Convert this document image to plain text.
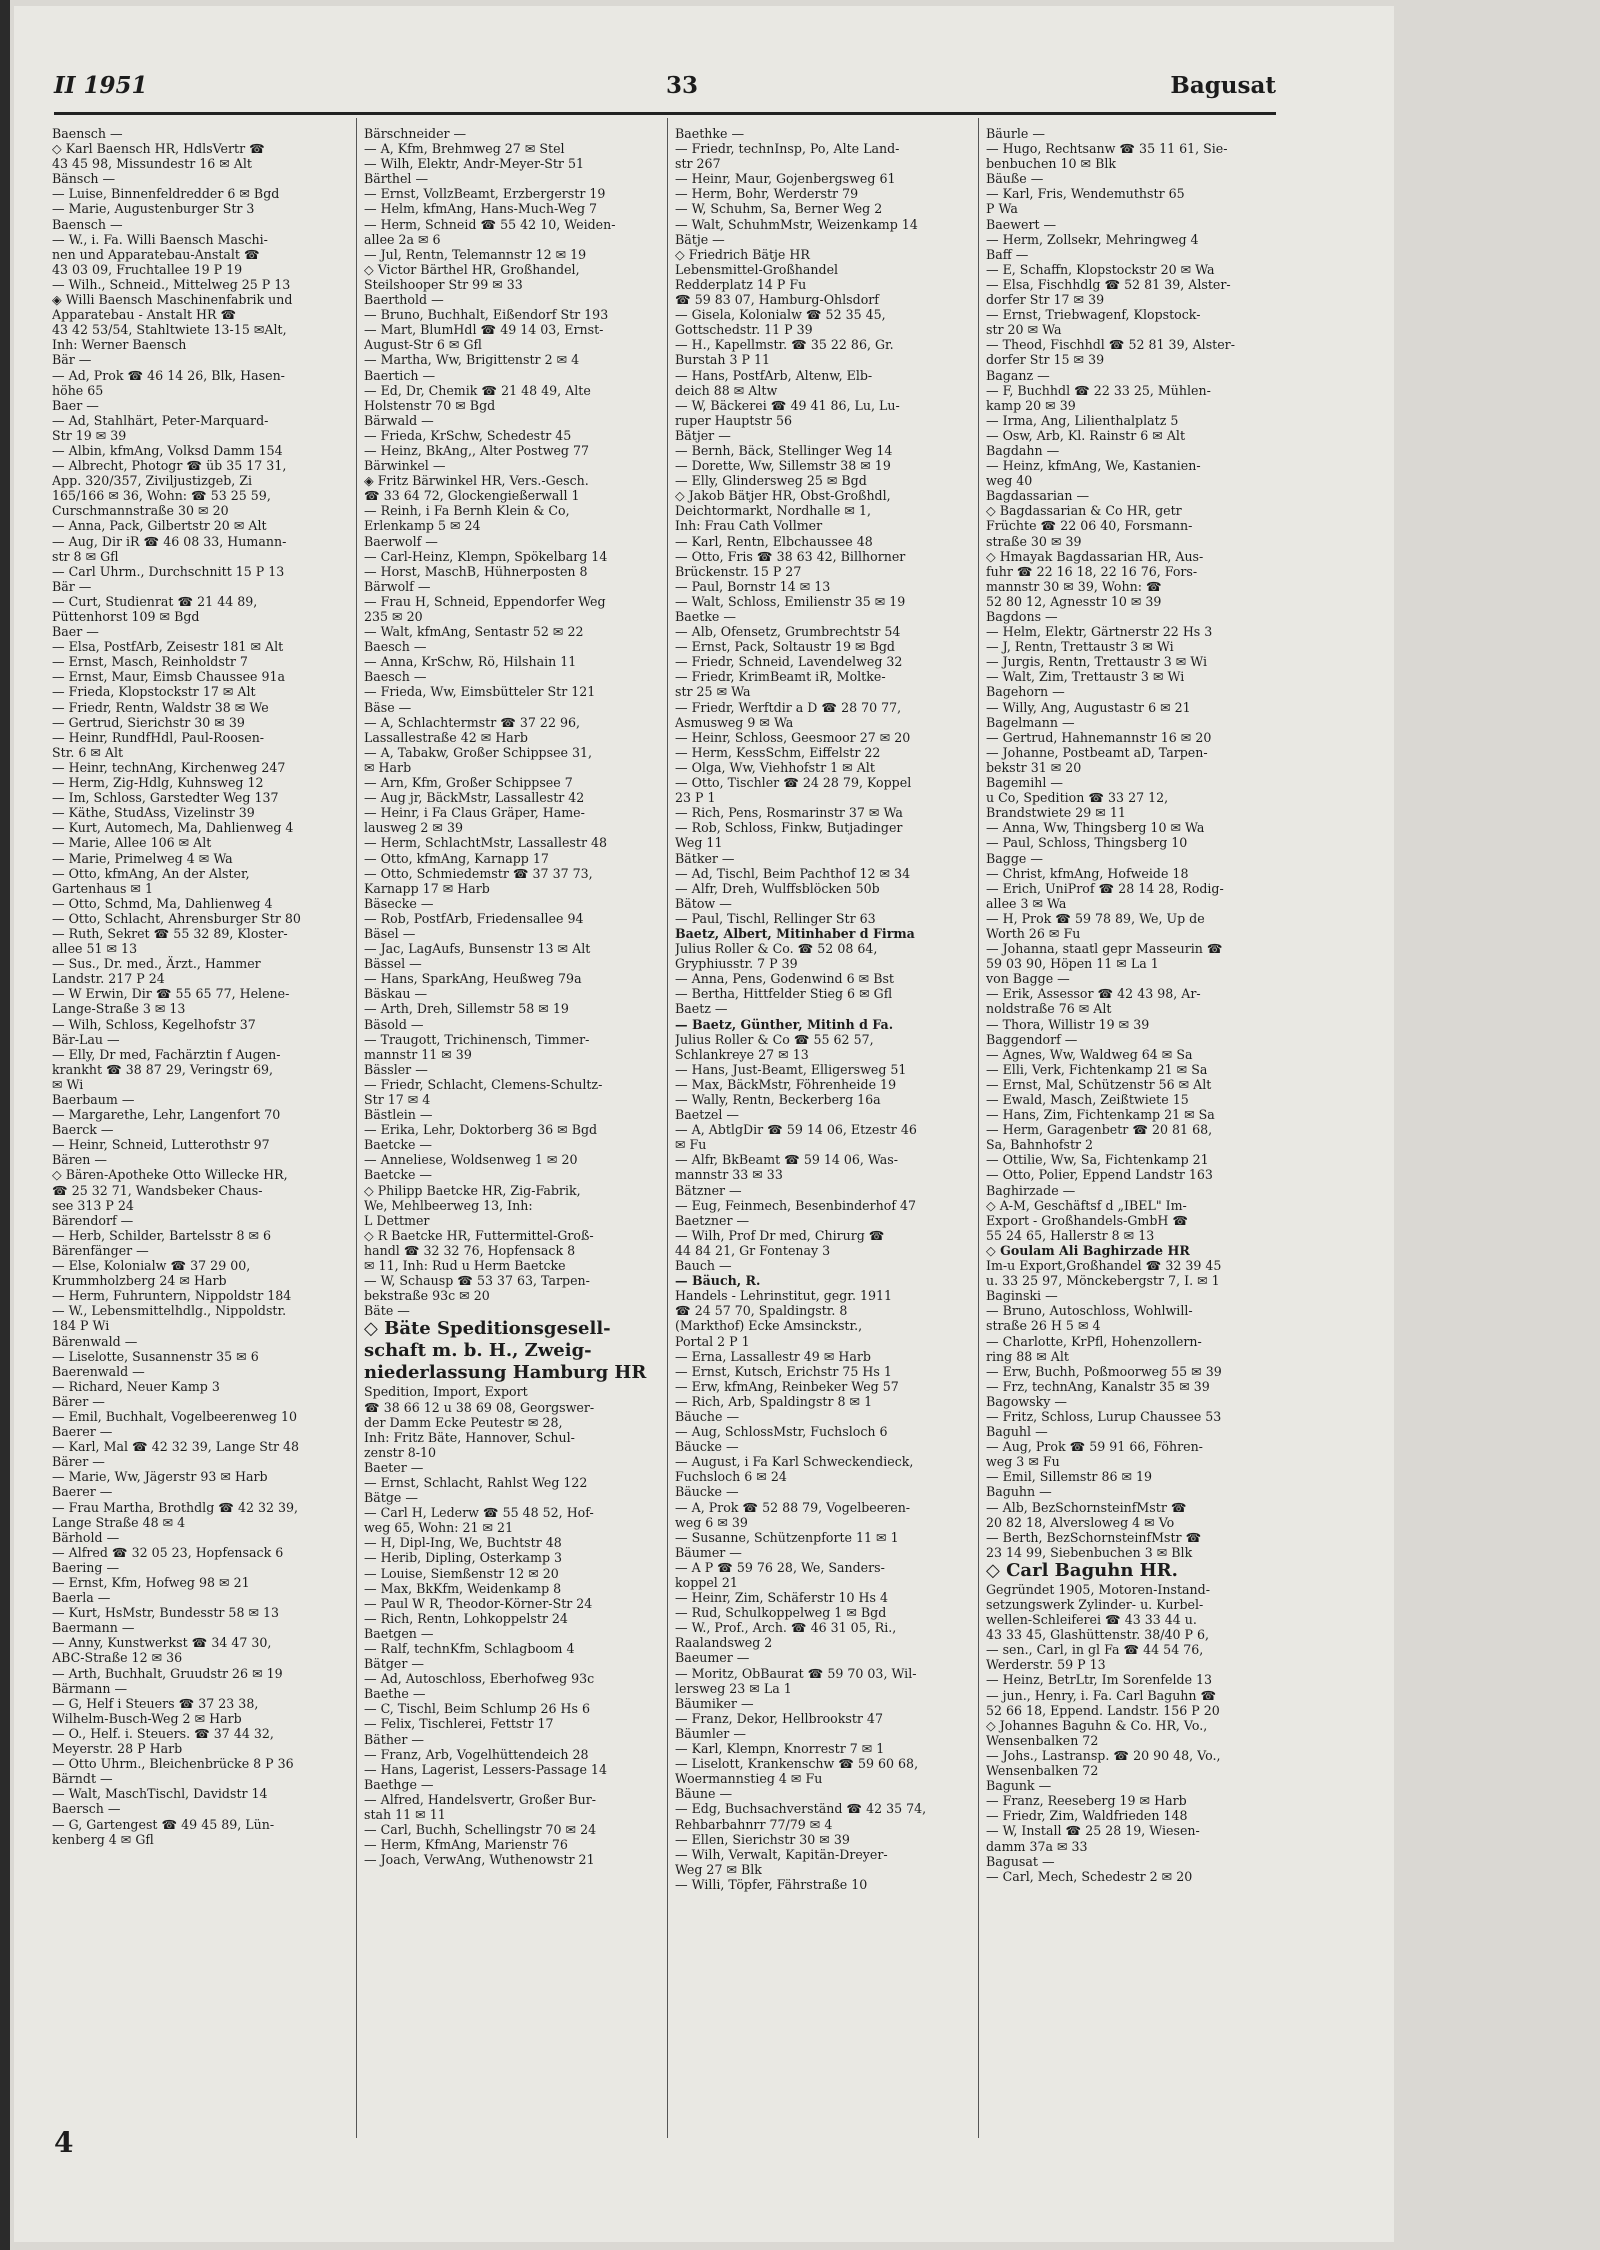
II 1951	33	Bagusat
Baensch —
◇ Karl Baensch HR, HdlsVertr ☎
43 45 98, Missundestr 16 ✉ Alt
Bänsch —
— Luise, Binnenfeldredder 6 ✉ Bgd
— Marie, Augustenburger Str 3
Baensch —
— W., i. Fa. Willi Baensch Maschi-
nen und Apparatebau-Anstalt ☎
43 03 09, Fruchtallee 19 P 19
— Wilh., Schneid., Mittelweg 25 P 13
◈ Willi Baensch Maschinenfabrik und
Apparatebau - Anstalt HR ☎
43 42 53/54, Stahltwiete 13-15 ✉Alt,
Inh: Werner Baensch
Bär —
— Ad, Prok ☎ 46 14 26, Blk, Hasen-
höhe 65
Baer —
— Ad, Stahlhärt, Peter-Marquard-
Str 19 ✉ 39
— Albin, kfmAng, Volksd Damm 154
— Albrecht, Photogr ☎ üb 35 17 31,
App. 320/357, Ziviljustizgeb, Zi
165/166 ✉ 36, Wohn: ☎ 53 25 59,
Curschmannstraße 30 ✉ 20
— Anna, Pack, Gilbertstr 20 ✉ Alt
— Aug, Dir iR ☎ 46 08 33, Humann-
str 8 ✉ Gfl
— Carl Uhrm., Durchschnitt 15 P 13
Bär —
— Curt, Studienrat ☎ 21 44 89,
Püttenhorst 109 ✉ Bgd
Baer —
— Elsa, PostfArb, Zeisestr 181 ✉ Alt
— Ernst, Masch, Reinholdstr 7
— Ernst, Maur, Eimsb Chaussee 91a
— Frieda, Klopstockstr 17 ✉ Alt
— Friedr, Rentn, Waldstr 38 ✉ We
— Gertrud, Sierichstr 30 ✉ 39
— Heinr, RundfHdl, Paul-Roosen-
Str. 6 ✉ Alt
— Heinr, technAng, Kirchenweg 247
— Herm, Zig-Hdlg, Kuhnsweg 12
— Im, Schloss, Garstedter Weg 137
— Käthe, StudAss, Vizelinstr 39
— Kurt, Automech, Ma, Dahlienweg 4
— Marie, Allee 106 ✉ Alt
— Marie, Primelweg 4 ✉ Wa
— Otto, kfmAng, An der Alster,
Gartenhaus ✉ 1
— Otto, Schmd, Ma, Dahlienweg 4
— Otto, Schlacht, Ahrensburger Str 80
— Ruth, Sekret ☎ 55 32 89, Kloster-
allee 51 ✉ 13
— Sus., Dr. med., Ärzt., Hammer
Landstr. 217 P 24
— W Erwin, Dir ☎ 55 65 77, Helene-
Lange-Straße 3 ✉ 13
— Wilh, Schloss, Kegelhofstr 37
Bär-Lau —
— Elly, Dr med, Fachärztin f Augen-
krankht ☎ 38 87 29, Veringstr 69,
✉ Wi
Baerbaum —
— Margarethe, Lehr, Langenfort 70
Baerck —
— Heinr, Schneid, Lutterothstr 97
Bären —
◇ Bären-Apotheke Otto Willecke HR,
☎ 25 32 71, Wandsbeker Chaus-
see 313 P 24
Bärendorf —
— Herb, Schilder, Bartelsstr 8 ✉ 6
Bärenfänger —
— Else, Kolonialw ☎ 37 29 00,
Krummholzberg 24 ✉ Harb
— Herm, Fuhruntern, Nippoldstr 184
— W., Lebensmittelhdlg., Nippoldstr.
184 P Wi
Bärenwald —
— Liselotte, Susannenstr 35 ✉ 6
Baerenwald —
— Richard, Neuer Kamp 3
Bärer —
— Emil, Buchhalt, Vogelbeerenweg 10
Baerer —
— Karl, Mal ☎ 42 32 39, Lange Str 48
Bärer —
— Marie, Ww, Jägerstr 93 ✉ Harb
Baerer —
— Frau Martha, Brothdlg ☎ 42 32 39,
Lange Straße 48 ✉ 4
Bärhold —
— Alfred ☎ 32 05 23, Hopfensack 6
Baering —
— Ernst, Kfm, Hofweg 98 ✉ 21
Baerla —
— Kurt, HsMstr, Bundesstr 58 ✉ 13
Baermann —
— Anny, Kunstwerkst ☎ 34 47 30,
ABC-Straße 12 ✉ 36
— Arth, Buchhalt, Gruudstr 26 ✉ 19
Bärmann —
— G, Helf i Steuers ☎ 37 23 38,
Wilhelm-Busch-Weg 2 ✉ Harb
— O., Helf. i. Steuers. ☎ 37 44 32,
Meyerstr. 28 P Harb
— Otto Uhrm., Bleichenbrücke 8 P 36
Bärndt —
— Walt, MaschTischl, Davidstr 14
Baersch —
— G, Gartengest ☎ 49 45 89, Lün-
kenberg 4 ✉ Gfl
Bärschneider —
— A, Kfm, Brehmweg 27 ✉ Stel
— Wilh, Elektr, Andr-Meyer-Str 51
Bärthel —
— Ernst, VollzBeamt, Erzbergerstr 19
— Helm, kfmAng, Hans-Much-Weg 7
— Herm, Schneid ☎ 55 42 10, Weiden-
allee 2a ✉ 6
— Jul, Rentn, Telemannstr 12 ✉ 19
◇ Victor Bärthel HR, Großhandel,
Steilshooper Str 99 ✉ 33
Baerthold —
— Bruno, Buchhalt, Eißendorf Str 193
— Mart, BlumHdl ☎ 49 14 03, Ernst-
August-Str 6 ✉ Gfl
— Martha, Ww, Brigittenstr 2 ✉ 4
Baertich —
— Ed, Dr, Chemik ☎ 21 48 49, Alte
Holstenstr 70 ✉ Bgd
Bärwald —
— Frieda, KrSchw, Schedestr 45
— Heinz, BkAng,, Alter Postweg 77
Bärwinkel —
◈ Fritz Bärwinkel HR, Vers.-Gesch.
☎ 33 64 72, Glockengießerwall 1
— Reinh, i Fa Bernh Klein & Co,
Erlenkamp 5 ✉ 24
Baerwolf —
— Carl-Heinz, Klempn, Spökelbarg 14
— Horst, MaschB, Hühnerposten 8
Bärwolf —
— Frau H, Schneid, Eppendorfer Weg
235 ✉ 20
— Walt, kfmAng, Sentastr 52 ✉ 22
Baesch —
— Anna, KrSchw, Rö, Hilshain 11
Baesch —
— Frieda, Ww, Eimsbütteler Str 121
Bäse —
— A, Schlachtermstr ☎ 37 22 96,
Lassallestraße 42 ✉ Harb
— A, Tabakw, Großer Schippsee 31,
✉ Harb
— Arn, Kfm, Großer Schippsee 7
— Aug jr, BäckMstr, Lassallestr 42
— Heinr, i Fa Claus Gräper, Hame-
lausweg 2 ✉ 39
— Herm, SchlachtMstr, Lassallestr 48
— Otto, kfmAng, Karnapp 17
— Otto, Schmiedemstr ☎ 37 37 73,
Karnapp 17 ✉ Harb
Bäsecke —
— Rob, PostfArb, Friedensallee 94
Bäsel —
— Jac, LagAufs, Bunsenstr 13 ✉ Alt
Bässel —
— Hans, SparkAng, Heußweg 79a
Bäskau —
— Arth, Dreh, Sillemstr 58 ✉ 19
Bäsold —
— Traugott, Trichinensch, Timmer-
mannstr 11 ✉ 39
Bässler —
— Friedr, Schlacht, Clemens-Schultz-
Str 17 ✉ 4
Bästlein —
— Erika, Lehr, Doktorberg 36 ✉ Bgd
Baetcke —
— Anneliese, Woldsenweg 1 ✉ 20
Baetcke —
◇ Philipp Baetcke HR, Zig-Fabrik,
We, Mehlbeerweg 13, Inh:
L Dettmer
◇ R Baetcke HR, Futtermittel-Groß-
handl ☎ 32 32 76, Hopfensack 8
✉ 11, Inh: Rud u Herm Baetcke
— W, Schausp ☎ 53 37 63, Tarpen-
bekstraße 93c ✉ 20
Bäte —
◇ Bäte Speditionsgesell-
schaft m. b. H., Zweig-
niederlassung Hamburg HR
Spedition, Import, Export
☎ 38 66 12 u 38 69 08, Georgswer-
der Damm Ecke Peutestr ✉ 28,
Inh: Fritz Bäte, Hannover, Schul-
zenstr 8-10
Baeter —
— Ernst, Schlacht, Rahlst Weg 122
Bätge —
— Carl H, Lederw ☎ 55 48 52, Hof-
weg 65, Wohn: 21 ✉ 21
— H, Dipl-Ing, We, Buchtstr 48
— Herib, Dipling, Osterkamp 3
— Louise, Siemßenstr 12 ✉ 20
— Max, BkKfm, Weidenkamp 8
— Paul W R, Theodor-Körner-Str 24
— Rich, Rentn, Lohkoppelstr 24
Baetgen —
— Ralf, technKfm, Schlagboom 4
Bätger —
— Ad, Autoschloss, Eberhofweg 93c
Baethe —
— C, Tischl, Beim Schlump 26 Hs 6
— Felix, Tischlerei, Fettstr 17
Bäther —
— Franz, Arb, Vogelhüttendeich 28
— Hans, Lagerist, Lessers-Passage 14
Baethge —
— Alfred, Handelsvertr, Großer Bur-
stah 11 ✉ 11
— Carl, Buchh, Schellingstr 70 ✉ 24
— Herm, KfmAng, Marienstr 76
— Joach, VerwAng, Wuthenowstr 21
Baethke —
— Friedr, technInsp, Po, Alte Land-
str 267
— Heinr, Maur, Gojenbergsweg 61
— Herm, Bohr, Werderstr 79
— W, Schuhm, Sa, Berner Weg 2
— Walt, SchuhmMstr, Weizenkamp 14
Bätje —
◇ Friedrich Bätje HR
Lebensmittel-Großhandel
Redderplatz 14 P Fu
☎ 59 83 07, Hamburg-Ohlsdorf
— Gisela, Kolonialw ☎ 52 35 45,
Gottschedstr. 11 P 39
— H., Kapellmstr. ☎ 35 22 86, Gr.
Burstah 3 P 11
— Hans, PostfArb, Altenw, Elb-
deich 88 ✉ Altw
— W, Bäckerei ☎ 49 41 86, Lu, Lu-
ruper Hauptstr 56
Bätjer —
— Bernh, Bäck, Stellinger Weg 14
— Dorette, Ww, Sillemstr 38 ✉ 19
— Elly, Glindersweg 25 ✉ Bgd
◇ Jakob Bätjer HR, Obst-Großhdl,
Deichtormarkt, Nordhalle ✉ 1,
Inh: Frau Cath Vollmer
— Karl, Rentn, Elbchaussee 48
— Otto, Fris ☎ 38 63 42, Billhorner
Brückenstr. 15 P 27
— Paul, Bornstr 14 ✉ 13
— Walt, Schloss, Emilienstr 35 ✉ 19
Baetke —
— Alb, Ofensetz, Grumbrechtstr 54
— Ernst, Pack, Soltaustr 19 ✉ Bgd
— Friedr, Schneid, Lavendelweg 32
— Friedr, KrimBeamt iR, Moltke-
str 25 ✉ Wa
— Friedr, Werftdir a D ☎ 28 70 77,
Asmusweg 9 ✉ Wa
— Heinr, Schloss, Geesmoor 27 ✉ 20
— Herm, KessSchm, Eiffelstr 22
— Olga, Ww, Viehhofstr 1 ✉ Alt
— Otto, Tischler ☎ 24 28 79, Koppel
23 P 1
— Rich, Pens, Rosmarinstr 37 ✉ Wa
— Rob, Schloss, Finkw, Butjadinger
Weg 11
Bätker —
— Ad, Tischl, Beim Pachthof 12 ✉ 34
— Alfr, Dreh, Wulffsblöcken 50b
Bätow —
— Paul, Tischl, Rellinger Str 63
Baetz, Albert, Mitinhaber d Firma
Julius Roller & Co. ☎ 52 08 64,
Gryphiusstr. 7 P 39
— Anna, Pens, Godenwind 6 ✉ Bst
— Bertha, Hittfelder Stieg 6 ✉ Gfl
Baetz —
— Baetz, Günther, Mitinh d Fa.
Julius Roller & Co ☎ 55 62 57,
Schlankreye 27 ✉ 13
— Hans, Just-Beamt, Elligersweg 51
— Max, BäckMstr, Föhrenheide 19
— Wally, Rentn, Beckerberg 16a
Baetzel —
— A, AbtlgDir ☎ 59 14 06, Etzestr 46
✉ Fu
— Alfr, BkBeamt ☎ 59 14 06, Was-
mannstr 33 ✉ 33
Bätzner —
— Eug, Feinmech, Besenbinderhof 47
Baetzner —
— Wilh, Prof Dr med, Chirurg ☎
44 84 21, Gr Fontenay 3
Bauch —
— Bäuch, R.
Handels - Lehrinstitut, gegr. 1911
☎ 24 57 70, Spaldingstr. 8
(Markthof) Ecke Amsinckstr.,
Portal 2 P 1
— Erna, Lassallestr 49 ✉ Harb
— Ernst, Kutsch, Erichstr 75 Hs 1
— Erw, kfmAng, Reinbeker Weg 57
— Rich, Arb, Spaldingstr 8 ✉ 1
Bäuche —
— Aug, SchlossMstr, Fuchsloch 6
Bäucke —
— August, i Fa Karl Schweckendieck,
Fuchsloch 6 ✉ 24
Bäucke —
— A, Prok ☎ 52 88 79, Vogelbeeren-
weg 6 ✉ 39
— Susanne, Schützenpforte 11 ✉ 1
Bäumer —
— A P ☎ 59 76 28, We, Sanders-
koppel 21
— Heinr, Zim, Schäferstr 10 Hs 4
— Rud, Schulkoppelweg 1 ✉ Bgd
— W., Prof., Arch. ☎ 46 31 05, Ri.,
Raalandsweg 2
Baeumer —
— Moritz, ObBaurat ☎ 59 70 03, Wil-
lersweg 23 ✉ La 1
Bäumiker —
— Franz, Dekor, Hellbrookstr 47
Bäumler —
— Karl, Klempn, Knorrestr 7 ✉ 1
— Liselott, Krankenschw ☎ 59 60 68,
Woermannstieg 4 ✉ Fu
Bäune —
— Edg, Buchsachverständ ☎ 42 35 74,
Rehbarbahnrr 77/79 ✉ 4
— Ellen, Sierichstr 30 ✉ 39
— Wilh, Verwalt, Kapitän-Dreyer-
Weg 27 ✉ Blk
— Willi, Töpfer, Fährstraße 10
Bäurle —
— Hugo, Rechtsanw ☎ 35 11 61, Sie-
benbuchen 10 ✉ Blk
Bäuße —
— Karl, Fris, Wendemuthstr 65
P Wa
Baewert —
— Herm, Zollsekr, Mehringweg 4
Baff —
— E, Schaffn, Klopstockstr 20 ✉ Wa
— Elsa, Fischhdlg ☎ 52 81 39, Alster-
dorfer Str 17 ✉ 39
— Ernst, Triebwagenf, Klopstock-
str 20 ✉ Wa
— Theod, Fischhdl ☎ 52 81 39, Alster-
dorfer Str 15 ✉ 39
Baganz —
— F, Buchhdl ☎ 22 33 25, Mühlen-
kamp 20 ✉ 39
— Irma, Ang, Lilienthalplatz 5
— Osw, Arb, Kl. Rainstr 6 ✉ Alt
Bagdahn —
— Heinz, kfmAng, We, Kastanien-
weg 40
Bagdassarian —
◇ Bagdassarian & Co HR, getr
Früchte ☎ 22 06 40, Forsmann-
straße 30 ✉ 39
◇ Hmayak Bagdassarian HR, Aus-
fuhr ☎ 22 16 18, 22 16 76, Fors-
mannstr 30 ✉ 39, Wohn: ☎
52 80 12, Agnesstr 10 ✉ 39
Bagdons —
— Helm, Elektr, Gärtnerstr 22 Hs 3
— J, Rentn, Trettaustr 3 ✉ Wi
— Jurgis, Rentn, Trettaustr 3 ✉ Wi
— Walt, Zim, Trettaustr 3 ✉ Wi
Bagehorn —
— Willy, Ang, Augustastr 6 ✉ 21
Bagelmann —
— Gertrud, Hahnemannstr 16 ✉ 20
— Johanne, Postbeamt aD, Tarpen-
bekstr 31 ✉ 20
Bagemihl —
u Co, Spedition ☎ 33 27 12,
Brandstwiete 29 ✉ 11
— Anna, Ww, Thingsberg 10 ✉ Wa
— Paul, Schloss, Thingsberg 10
Bagge —
— Christ, kfmAng, Hofweide 18
— Erich, UniProf ☎ 28 14 28, Rodig-
allee 3 ✉ Wa
— H, Prok ☎ 59 78 89, We, Up de
Worth 26 ✉ Fu
— Johanna, staatl gepr Masseurin ☎
59 03 90, Höpen 11 ✉ La 1
von Bagge —
— Erik, Assessor ☎ 42 43 98, Ar-
noldstraße 76 ✉ Alt
— Thora, Willistr 19 ✉ 39
Baggendorf —
— Agnes, Ww, Waldweg 64 ✉ Sa
— Elli, Verk, Fichtenkamp 21 ✉ Sa
— Ernst, Mal, Schützenstr 56 ✉ Alt
— Ewald, Masch, Zeißtwiete 15
— Hans, Zim, Fichtenkamp 21 ✉ Sa
— Herm, Garagenbetr ☎ 20 81 68,
Sa, Bahnhofstr 2
— Ottilie, Ww, Sa, Fichtenkamp 21
— Otto, Polier, Eppend Landstr 163
Baghirzade —
◇ A-M, Geschäftsf d „IBEL" Im-
Export - Großhandels-GmbH ☎
55 24 65, Hallerstr 8 ✉ 13
◇ Goulam Ali Baghirzade HR
Im-u Export,Großhandel ☎ 32 39 45
u. 33 25 97, Mönckebergstr 7, I. ✉ 1
Baginski —
— Bruno, Autoschloss, Wohlwill-
straße 26 H 5 ✉ 4
— Charlotte, KrPfl, Hohenzollern-
ring 88 ✉ Alt
— Erw, Buchh, Poßmoorweg 55 ✉ 39
— Frz, technAng, Kanalstr 35 ✉ 39
Bagowsky —
— Fritz, Schloss, Lurup Chaussee 53
Baguhl —
— Aug, Prok ☎ 59 91 66, Föhren-
weg 3 ✉ Fu
— Emil, Sillemstr 86 ✉ 19
Baguhn —
— Alb, BezSchornsteinfMstr ☎
20 82 18, Alversloweg 4 ✉ Vo
— Berth, BezSchornsteinfMstr ☎
23 14 99, Siebenbuchen 3 ✉ Blk
◇ Carl Baguhn HR.
Gegründet 1905, Motoren-Instand-
setzungswerk Zylinder- u. Kurbel-
wellen-Schleiferei ☎ 43 33 44 u.
43 33 45, Glashüttenstr. 38/40 P 6,
— sen., Carl, in gl Fa ☎ 44 54 76,
Werderstr. 59 P 13
— Heinz, BetrLtr, Im Sorenfelde 13
— jun., Henry, i. Fa. Carl Baguhn ☎
52 66 18, Eppend. Landstr. 156 P 20
◇ Johannes Baguhn & Co. HR, Vo.,
Wensenbalken 72
— Johs., Lastransp. ☎ 20 90 48, Vo.,
Wensenbalken 72
Bagunk —
— Franz, Reeseberg 19 ✉ Harb
— Friedr, Zim, Waldfrieden 148
— W, Install ☎ 25 28 19, Wiesen-
damm 37a ✉ 33
Bagusat —
— Carl, Mech, Schedestr 2 ✉ 20
4
